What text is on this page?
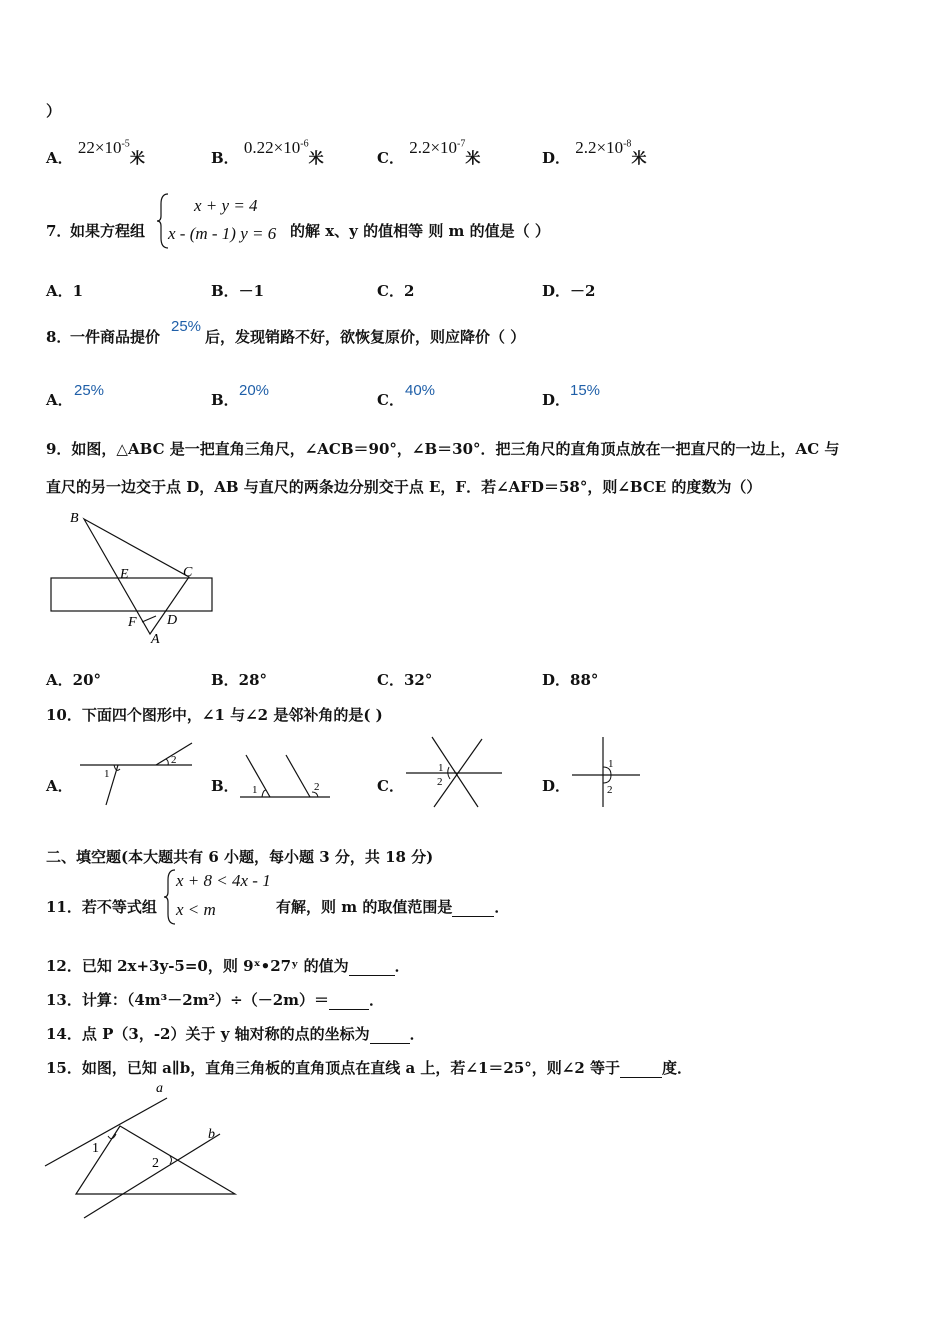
）
A． $22\times 10^{-5}$米	B． $0.22\times 10^{-6}$米	C． $2.2\times 10^{-7}$米	D． $2.2\times 10^{-8}$米
7．
如果方程组
x + y = 4
x - (m - 1) y = 6 的解 x、y 的值相等 则 m 的值是（ ）
A．1	B．－1	C．2	D．－2
8．
一件商品提价
25%
后，发现销路不好，欲恢复原价，则应降价（ ）
A．
25%
B．
20%
C．
40%
D．
15%
9．如图，△ABC 是一把直角三角尺，∠ACB＝90°，∠B＝30°．把三角尺的直角顶点放在一把直尺的一边上，AC 与
直尺的另一边交于点 D，AB 与直尺的两条边分别交于点 E，F．若∠AFD＝58°，则∠BCE 的度数为（）
B
C
E
F D
A
A．20°	B．28°	C．32°	D．88°
10．下面四个图形中，∠1 与∠2 是邻补角的是( )
A．
1
2
B． 1	2	C．
1
2	D．
1
2
二、填空题(本大题共有 6 小题，每小题 3 分，共 18 分)
11．若不等式组
x + 8 < 4x - 1
x < m	有解，则 m 的取值范围是	．
12．已知 2x+3y-5=0，则 9ˣ•27ʸ 的值为	．
13．计算：（4m³－2m²）÷（－2m）＝	．
14．点 P（3，-2）关于 y 轴对称的点的坐标为	．
15．如图，已知 a∥b，直角三角板的直角顶点在直线 a 上，若∠1＝25°，则∠2 等于	度．
a
b
1
2
